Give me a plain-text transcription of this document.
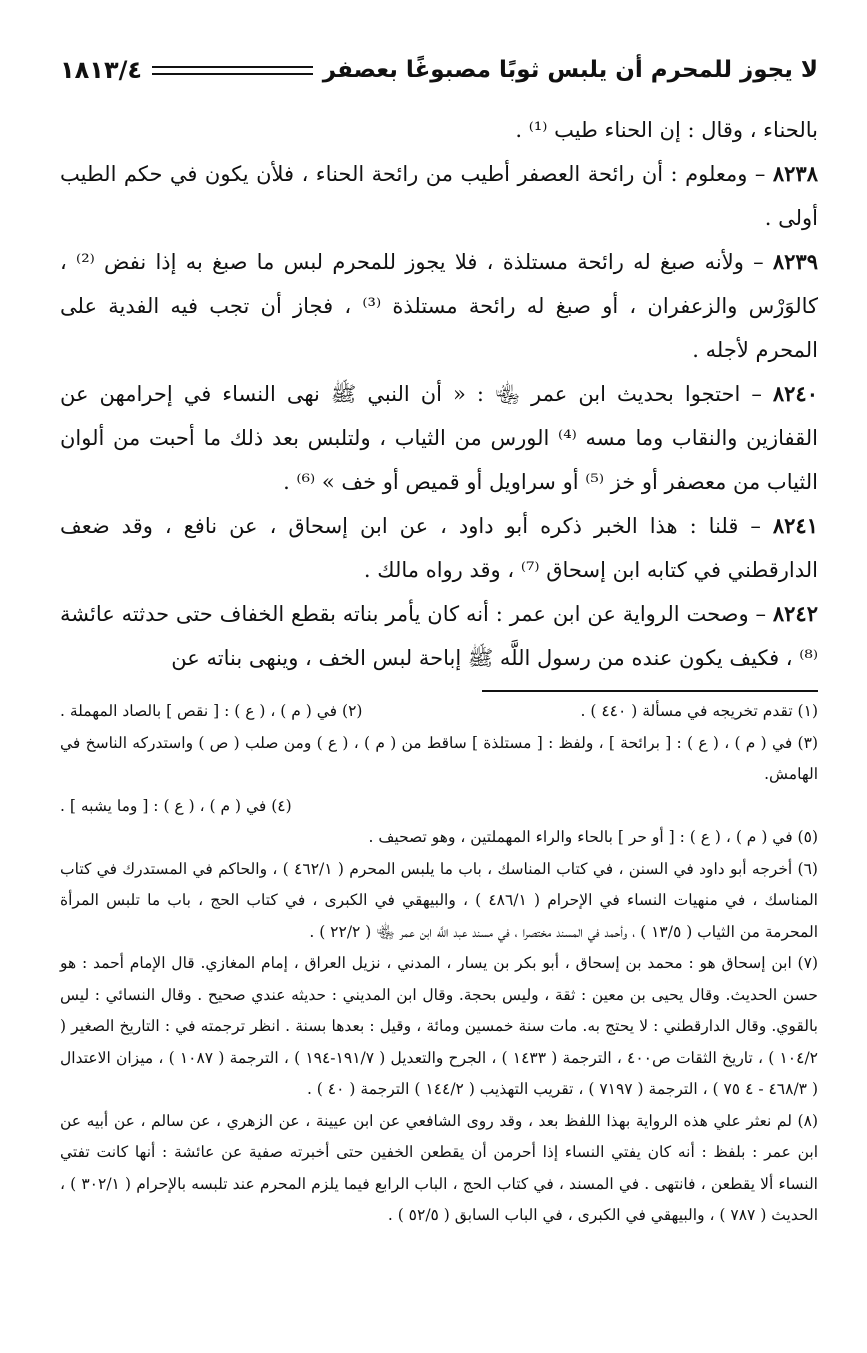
لا يجوز للمحرم أن يلبس ثوبًا مصبوغًا بعصفر
١٨١٣/٤

بالحناء ، وقال : إن الحناء طيب ⁽¹⁾ .

٨٢٣٨ – ومعلوم : أن رائحة العصفر أطيب من رائحة الحناء ، فلأن يكون في حكم الطيب أولى .

٨٢٣٩ – ولأنه صبغ له رائحة مستلذة ، فلا يجوز للمحرم لبس ما صبغ به إذا نفض ⁽²⁾ ، كالوَرْس والزعفران ، أو صبغ له رائحة مستلذة ⁽³⁾ ، فجاز أن تجب فيه الفدية على المحرم لأجله .

٨٢٤٠ – احتجوا بحديث ابن عمر ﵄ : « أن النبي ﷺ نهى النساء في إحرامهن عن القفازين والنقاب وما مسه ⁽⁴⁾ الورس من الثياب ، ولتلبس بعد ذلك ما أحبت من ألوان الثياب من معصفر أو خز ⁽⁵⁾ أو سراويل أو قميص أو خف » ⁽⁶⁾ .

٨٢٤١ – قلنا : هذا الخبر ذكره أبو داود ، عن ابن إسحاق ، عن نافع ، وقد ضعف الدارقطني في كتابه ابن إسحاق ⁽⁷⁾ ، وقد رواه مالك .

٨٢٤٢ – وصحت الرواية عن ابن عمر : أنه كان يأمر بناته بقطع الخفاف حتى حدثته عائشة ⁽⁸⁾ ، فكيف يكون عنده من رسول اللَّه ﷺ إباحة لبس الخف ، وينهى بناته عن

(١) تقدم تخريجه في مسألة ( ٤٤٠ ) .

(٢) في ( م ) ، ( ع ) : [ نقص ] بالصاد المهملة .

(٣) في ( م ) ، ( ع ) : [ برائحة ] ، ولفظ : [ مستلذة ] ساقط من ( م ) ، ( ع ) ومن صلب ( ص ) واستدركه الناسخ في الهامش.

(٤) في ( م ) ، ( ع ) : [ وما يشبه ] .

(٥) في ( م ) ، ( ع ) : [ أو حر ] بالحاء والراء المهملتين ، وهو تصحيف .

(٦) أخرجه أبو داود في السنن ، في كتاب المناسك ، باب ما يلبس المحرم ( ٤٦٢/١ ) ، والحاكم في المستدرك في كتاب المناسك ، في منهيات النساء في الإحرام ( ٤٨٦/١ ) ، والبيهقي في الكبرى ، في كتاب الحج ، باب ما تلبس المرأة المحرمة من الثياب ( ١٣/٥ ) ، وأحمد في المسند مختصرا ، في مسند عبد اللَّه ابن عمر ﵄ ( ٢٢/٢ ) .

(٧) ابن إسحاق هو : محمد بن إسحاق ، أبو بكر بن يسار ، المدني ، نزيل العراق ، إمام المغازي. قال الإمام أحمد : هو حسن الحديث. وقال يحيى بن معين : ثقة ، وليس بحجة. وقال ابن المديني : حديثه عندي صحيح . وقال النسائي : ليس بالقوي. وقال الدارقطني : لا يحتج به. مات سنة خمسين ومائة ، وقيل : بعدها بسنة . انظر ترجمته في : التاريخ الصغير ( ١٠٤/٢ ) ، تاريخ الثقات ص٤٠٠ ، الترجمة ( ١٤٣٣ ) ، الجرح والتعديل ( ١٩١/٧-١٩٤ ) ، الترجمة ( ١٠٨٧ ) ، ميزان الاعتدال ( ٤٦٨/٣ - ٤ ٧٥ ) ، الترجمة ( ٧١٩٧ ) ، تقريب التهذيب ( ١٤٤/٢ ) الترجمة ( ٤٠ ) .

(٨) لم نعثر علي هذه الرواية بهذا اللفظ بعد ، وقد روى الشافعي عن ابن عيينة ، عن الزهري ، عن سالم ، عن أبيه عن ابن عمر : بلفظ : أنه كان يفتي النساء إذا أحرمن أن يقطعن الخفين حتى أخبرته صفية عن عائشة : أنها كانت تفتي النساء ألا يقطعن ، فانتهى . في المسند ، في كتاب الحج ، الباب الرابع فيما يلزم المحرم عند تلبسه بالإحرام ( ٣٠٢/١ ) ، الحديث ( ٧٨٧ ) ، والبيهقي في الكبرى ، في الباب السابق ( ٥٢/٥ ) .
